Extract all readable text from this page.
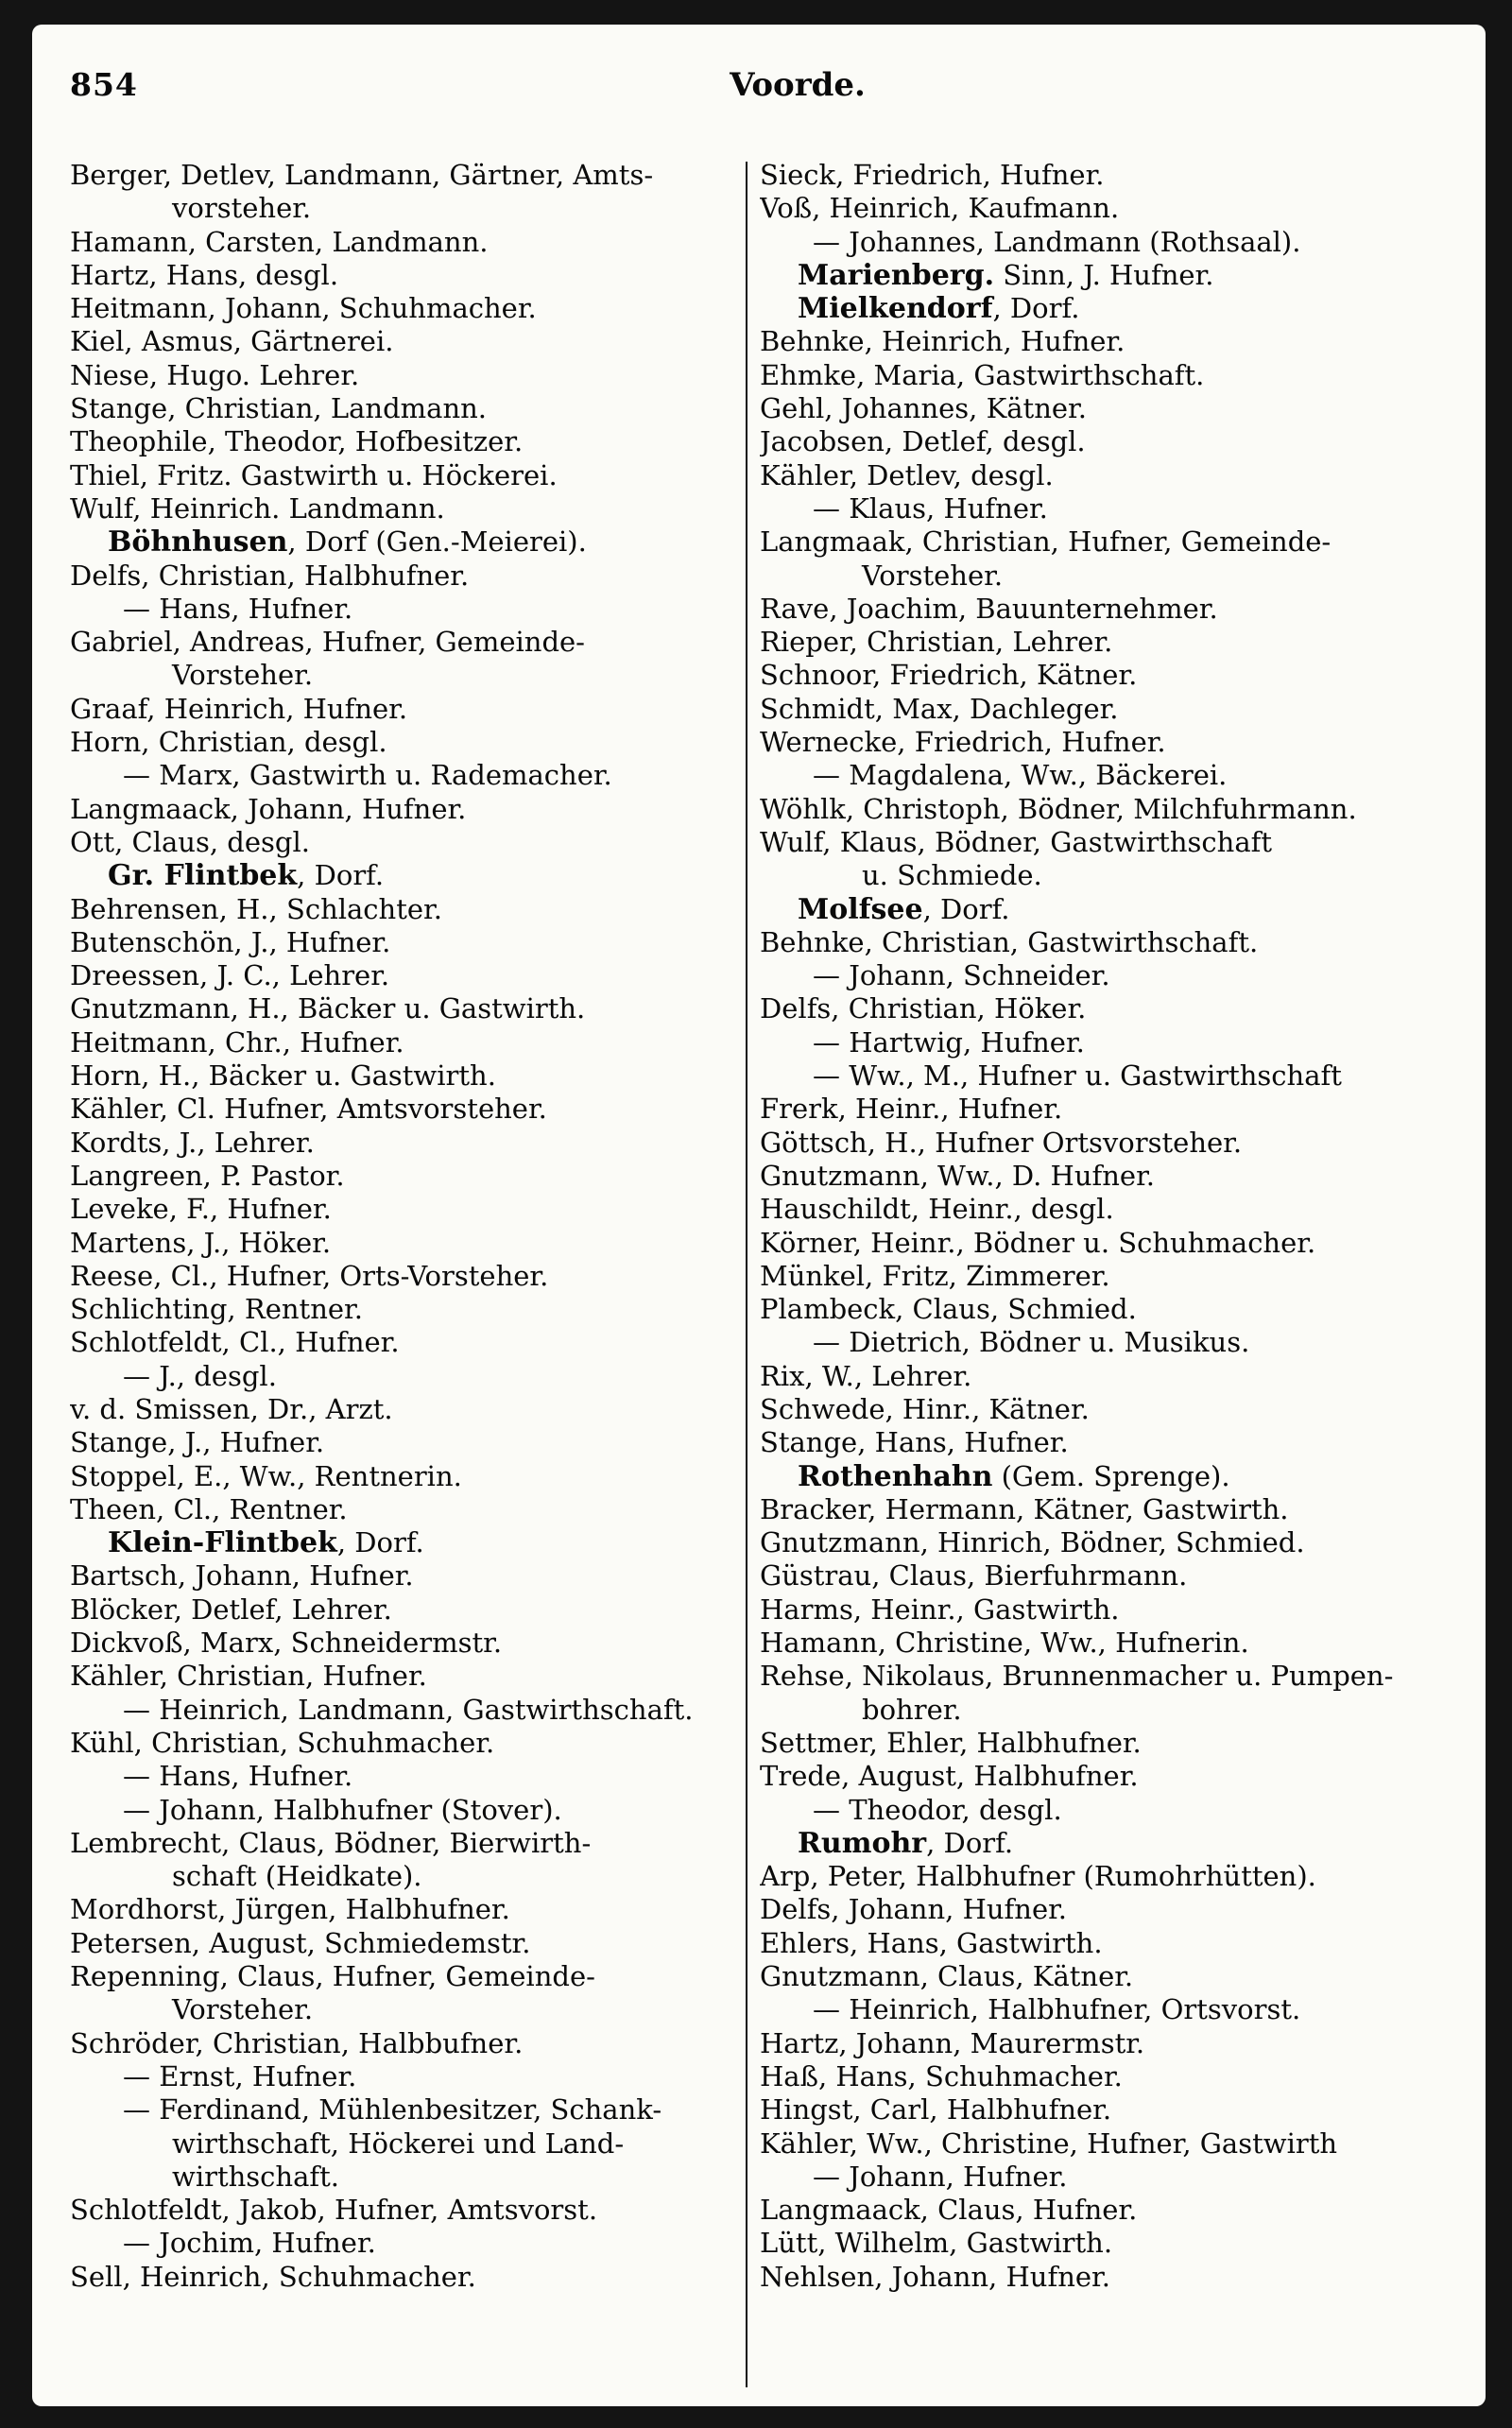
854	Voorde.
Berger, Detlev, Landmann, Gärtner, Amts-
vorsteher.
Hamann, Carsten, Landmann.
Hartz, Hans, desgl.
Heitmann, Johann, Schuhmacher.
Kiel, Asmus, Gärtnerei.
Niese, Hugo. Lehrer.
Stange, Christian, Landmann.
Theophile, Theodor, Hofbesitzer.
Thiel, Fritz. Gastwirth u. Höckerei.
Wulf, Heinrich. Landmann.
Böhnhusen, Dorf (Gen.-Meierei).
Delfs, Christian, Halbhufner.
— Hans, Hufner.
Gabriel, Andreas, Hufner, Gemeinde-
Vorsteher.
Graaf, Heinrich, Hufner.
Horn, Christian, desgl.
— Marx, Gastwirth u. Rademacher.
Langmaack, Johann, Hufner.
Ott, Claus, desgl.
Gr. Flintbek, Dorf.
Behrensen, H., Schlachter.
Butenschön, J., Hufner.
Dreessen, J. C., Lehrer.
Gnutzmann, H., Bäcker u. Gastwirth.
Heitmann, Chr., Hufner.
Horn, H., Bäcker u. Gastwirth.
Kähler, Cl. Hufner, Amtsvorsteher.
Kordts, J., Lehrer.
Langreen, P. Pastor.
Leveke, F., Hufner.
Martens, J., Höker.
Reese, Cl., Hufner, Orts-Vorsteher.
Schlichting, Rentner.
Schlotfeldt, Cl., Hufner.
— J., desgl.
v. d. Smissen, Dr., Arzt.
Stange, J., Hufner.
Stoppel, E., Ww., Rentnerin.
Theen, Cl., Rentner.
Klein-Flintbek, Dorf.
Bartsch, Johann, Hufner.
Blöcker, Detlef, Lehrer.
Dickvoß, Marx, Schneidermstr.
Kähler, Christian, Hufner.
— Heinrich, Landmann, Gastwirthschaft.
Kühl, Christian, Schuhmacher.
— Hans, Hufner.
— Johann, Halbhufner (Stover).
Lembrecht, Claus, Bödner, Bierwirth-
schaft (Heidkate).
Mordhorst, Jürgen, Halbhufner.
Petersen, August, Schmiedemstr.
Repenning, Claus, Hufner, Gemeinde-
Vorsteher.
Schröder, Christian, Halbbufner.
— Ernst, Hufner.
— Ferdinand, Mühlenbesitzer, Schank-
wirthschaft, Höckerei und Land-
wirthschaft.
Schlotfeldt, Jakob, Hufner, Amtsvorst.
— Jochim, Hufner.
Sell, Heinrich, Schuhmacher.
Sieck, Friedrich, Hufner.
Voß, Heinrich, Kaufmann.
— Johannes, Landmann (Rothsaal).
Marienberg. Sinn, J. Hufner.
Mielkendorf, Dorf.
Behnke, Heinrich, Hufner.
Ehmke, Maria, Gastwirthschaft.
Gehl, Johannes, Kätner.
Jacobsen, Detlef, desgl.
Kähler, Detlev, desgl.
— Klaus, Hufner.
Langmaak, Christian, Hufner, Gemeinde-
Vorsteher.
Rave, Joachim, Bauunternehmer.
Rieper, Christian, Lehrer.
Schnoor, Friedrich, Kätner.
Schmidt, Max, Dachleger.
Wernecke, Friedrich, Hufner.
— Magdalena, Ww., Bäckerei.
Wöhlk, Christoph, Bödner, Milchfuhrmann.
Wulf, Klaus, Bödner, Gastwirthschaft
u. Schmiede.
Molfsee, Dorf.
Behnke, Christian, Gastwirthschaft.
— Johann, Schneider.
Delfs, Christian, Höker.
— Hartwig, Hufner.
— Ww., M., Hufner u. Gastwirthschaft
Frerk, Heinr., Hufner.
Göttsch, H., Hufner Ortsvorsteher.
Gnutzmann, Ww., D. Hufner.
Hauschildt, Heinr., desgl.
Körner, Heinr., Bödner u. Schuhmacher.
Münkel, Fritz, Zimmerer.
Plambeck, Claus, Schmied.
— Dietrich, Bödner u. Musikus.
Rix, W., Lehrer.
Schwede, Hinr., Kätner.
Stange, Hans, Hufner.
Rothenhahn (Gem. Sprenge).
Bracker, Hermann, Kätner, Gastwirth.
Gnutzmann, Hinrich, Bödner, Schmied.
Güstrau, Claus, Bierfuhrmann.
Harms, Heinr., Gastwirth.
Hamann, Christine, Ww., Hufnerin.
Rehse, Nikolaus, Brunnenmacher u. Pumpen-
bohrer.
Settmer, Ehler, Halbhufner.
Trede, August, Halbhufner.
— Theodor, desgl.
Rumohr, Dorf.
Arp, Peter, Halbhufner (Rumohrhütten).
Delfs, Johann, Hufner.
Ehlers, Hans, Gastwirth.
Gnutzmann, Claus, Kätner.
— Heinrich, Halbhufner, Ortsvorst.
Hartz, Johann, Maurermstr.
Haß, Hans, Schuhmacher.
Hingst, Carl, Halbhufner.
Kähler, Ww., Christine, Hufner, Gastwirth
— Johann, Hufner.
Langmaack, Claus, Hufner.
Lütt, Wilhelm, Gastwirth.
Nehlsen, Johann, Hufner.
